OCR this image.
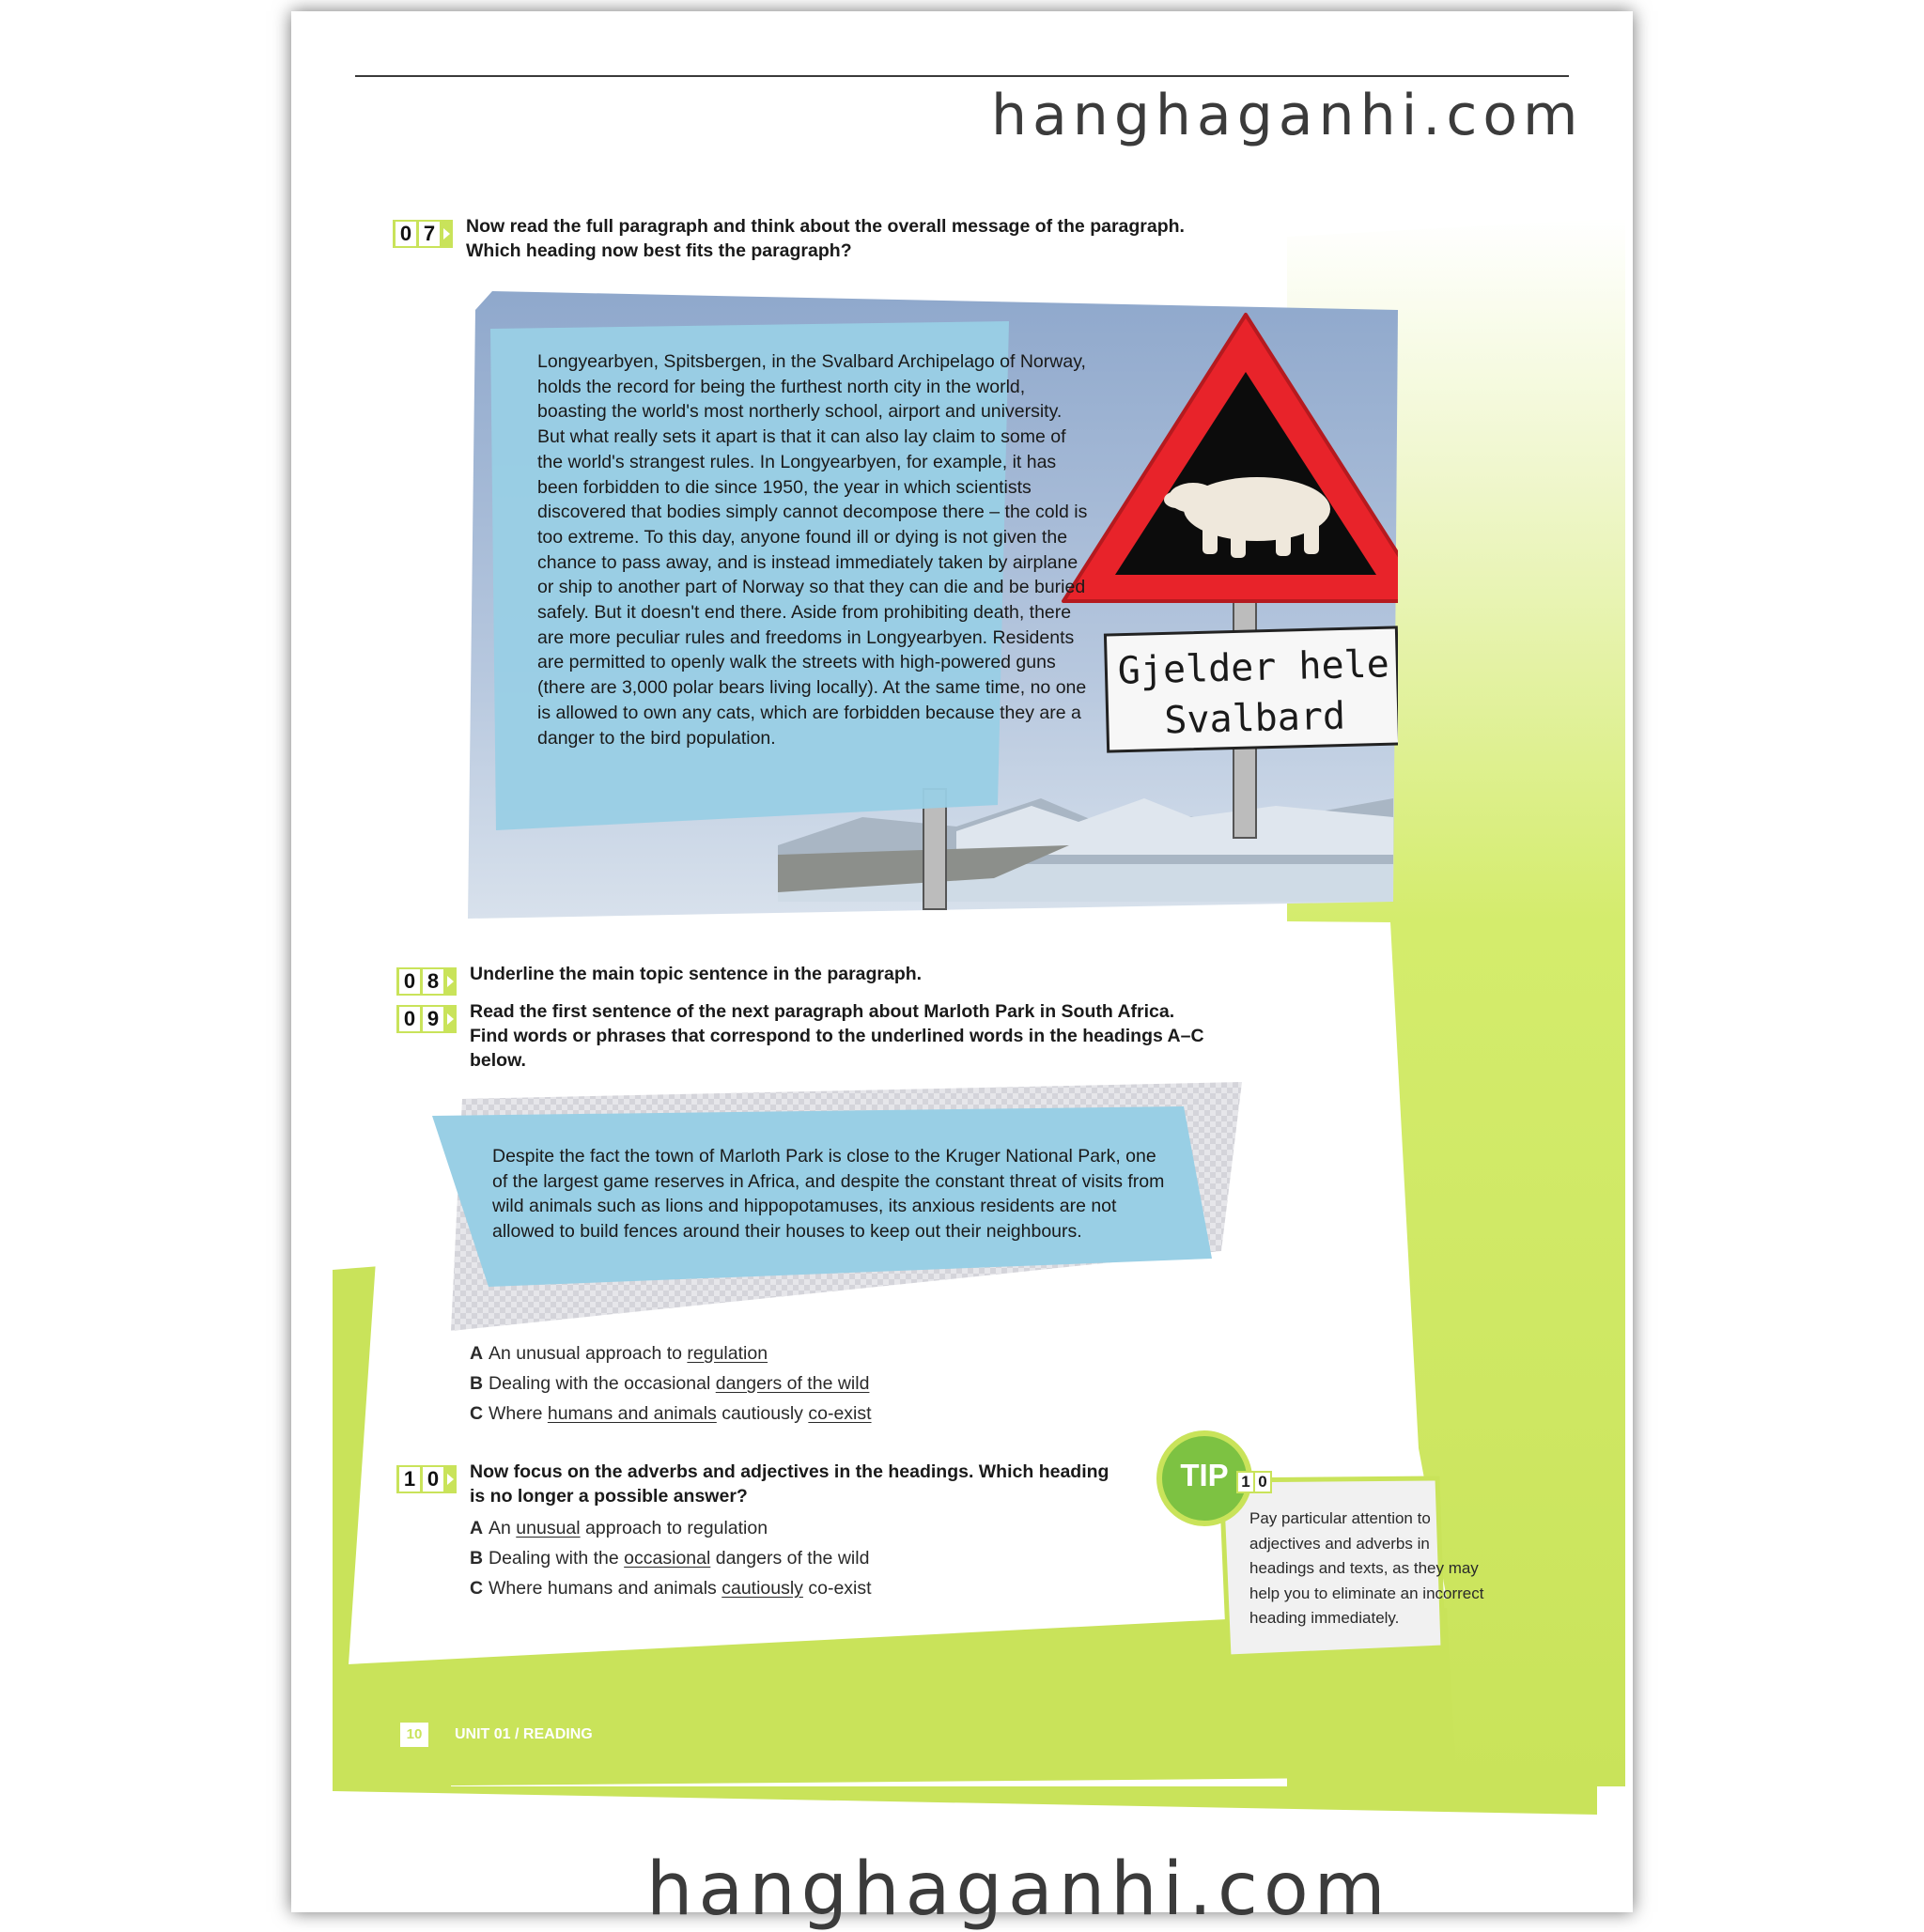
hanghaganhi.com
0 7 Now read the full paragraph and think about the overall message of the paragraph. Which heading now best fits the paragraph?
Gjelder hele
Svalbard
Longyearbyen, Spitsbergen, in the Svalbard Archipelago of Norway, holds the record for being the furthest north city in the world, boasting the world's most northerly school, airport and university. But what really sets it apart is that it can also lay claim to some of the world's strangest rules. In Longyearbyen, for example, it has been forbidden to die since 1950, the year in which scientists discovered that bodies simply cannot decompose there – the cold is too extreme. To this day, anyone found ill or dying is not given the chance to pass away, and is instead immediately taken by airplane or ship to another part of Norway so that they can die and be buried safely. But it doesn't end there. Aside from prohibiting death, there are more peculiar rules and freedoms in Longyearbyen. Residents are permitted to openly walk the streets with high-powered guns (there are 3,000 polar bears living locally). At the same time, no one is allowed to own any cats, which are forbidden because they are a danger to the bird population.
0 8 Underline the main topic sentence in the paragraph.
0 9 Read the first sentence of the next paragraph about Marloth Park in South Africa. Find words or phrases that correspond to the underlined words in the headings A–C below.
Despite the fact the town of Marloth Park is close to the Kruger National Park, one of the largest game reserves in Africa, and despite the constant threat of visits from wild animals such as lions and hippopotamuses, its anxious residents are not allowed to build fences around their houses to keep out their neighbours.
A An unusual approach to regulation
B Dealing with the occasional dangers of the wild
C Where humans and animals cautiously co-exist
1 0 Now focus on the adverbs and adjectives in the headings. Which heading is no longer a possible answer?
A An unusual approach to regulation
B Dealing with the occasional dangers of the wild
C Where humans and animals cautiously co-exist
TIP 1 0
Pay particular attention to adjectives and adverbs in headings and texts, as they may help you to eliminate an incorrect heading immediately.
10	UNIT 01 / READING
hanghaganhi.com
